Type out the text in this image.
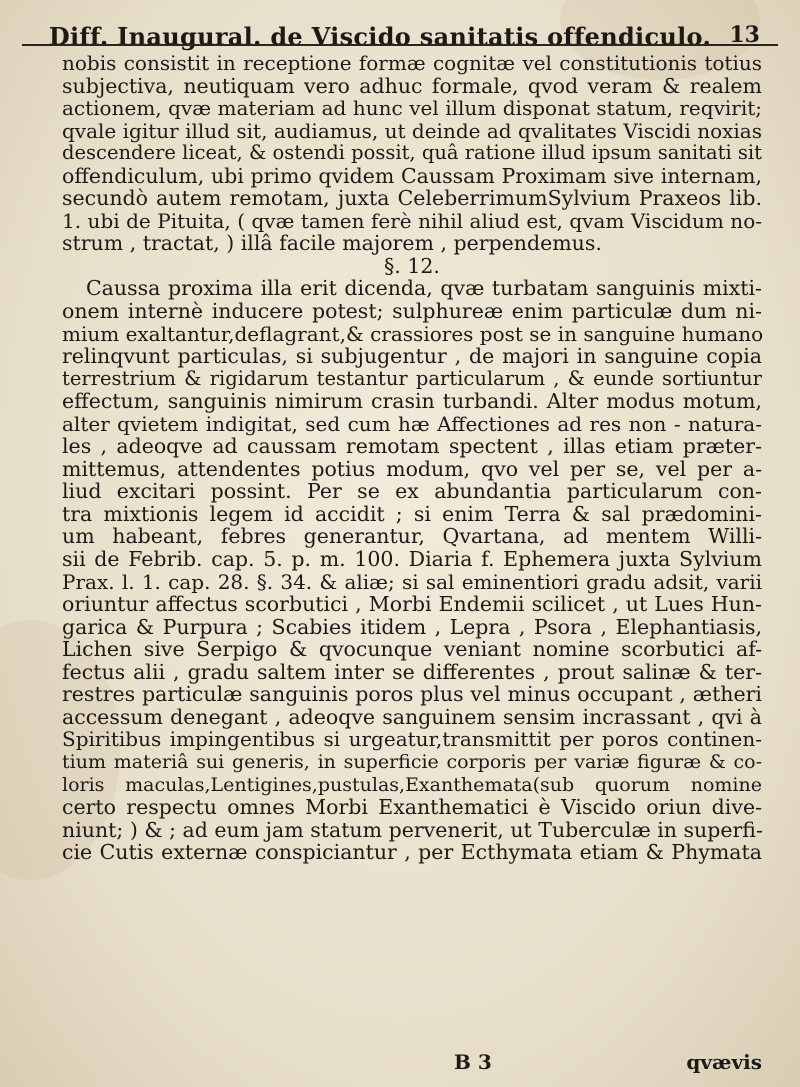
Diff. Inaugural. de Viscido sanitatis offendiculo. 13
nobis consistit in receptione formæ cognitæ vel constitutionis totius
subjectiva, neutiquam vero adhuc formale, qvod veram & realem
actionem, qvæ materiam ad hunc vel illum disponat statum, reqvirit;
qvale igitur illud sit, audiamus, ut deinde ad qvalitates Viscidi noxias
descendere liceat, & ostendi possit, quâ ratione illud ipsum sanitati sit
offendiculum, ubi primo qvidem Caussam Proximam sive internam,
secundò autem remotam, juxta CeleberrimumSylvium Praxeos lib.
1. ubi de Pituita, ( qvæ tamen ferè nihil aliud est, qvam Viscidum no-
strum , tractat, ) illâ facile majorem , perpendemus.
§. 12.
Caussa proxima illa erit dicenda, qvæ turbatam sanguinis mixti-
onem internè inducere potest; sulphureæ enim particulæ dum ni-
mium exaltantur,deflagrant,& crassiores post se in sanguine humano
relinqvunt particulas, si subjugentur , de majori in sanguine copia
terrestrium & rigidarum testantur particularum , & eunde sortiuntur
effectum, sanguinis nimirum crasin turbandi. Alter modus motum,
alter qvietem indigitat, sed cum hæ Affectiones ad res non - natura-
les , adeoqve ad caussam remotam spectent , illas etiam præter-
mittemus, attendentes potius modum, qvo vel per se, vel per a-
liud excitari possint. Per se ex abundantia particularum con-
tra mixtionis legem id accidit ; si enim Terra & sal prædomini-
um habeant, febres generantur, Qvartana, ad mentem Willi-
sii de Febrib. cap. 5. p. m. 100. Diaria f. Ephemera juxta Sylvium
Prax. l. 1. cap. 28. §. 34. & aliæ; si sal eminentiori gradu adsit, varii
oriuntur affectus scorbutici , Morbi Endemii scilicet , ut Lues Hun-
garica & Purpura ; Scabies itidem , Lepra , Psora , Elephantiasis,
Lichen sive Serpigo & qvocunque veniant nomine scorbutici af-
fectus alii , gradu saltem inter se differentes , prout salinæ & ter-
restres particulæ sanguinis poros plus vel minus occupant , ætheri
accessum denegant , adeoqve sanguinem sensim incrassant , qvi à
Spiritibus impingentibus si urgeatur,transmittit per poros continen-
tium materiâ sui generis, in superficie corporis per variæ figuræ & co-
loris maculas,Lentigines,pustulas,Exanthemata(sub quorum nomine
certo respectu omnes Morbi Exanthematici è Viscido oriun dive-
niunt; ) & ; ad eum jam statum pervenerit, ut Tuberculæ in superfi-
cie Cutis externæ conspiciantur , per Ecthymata etiam & Phymata
B 3	qvævis
